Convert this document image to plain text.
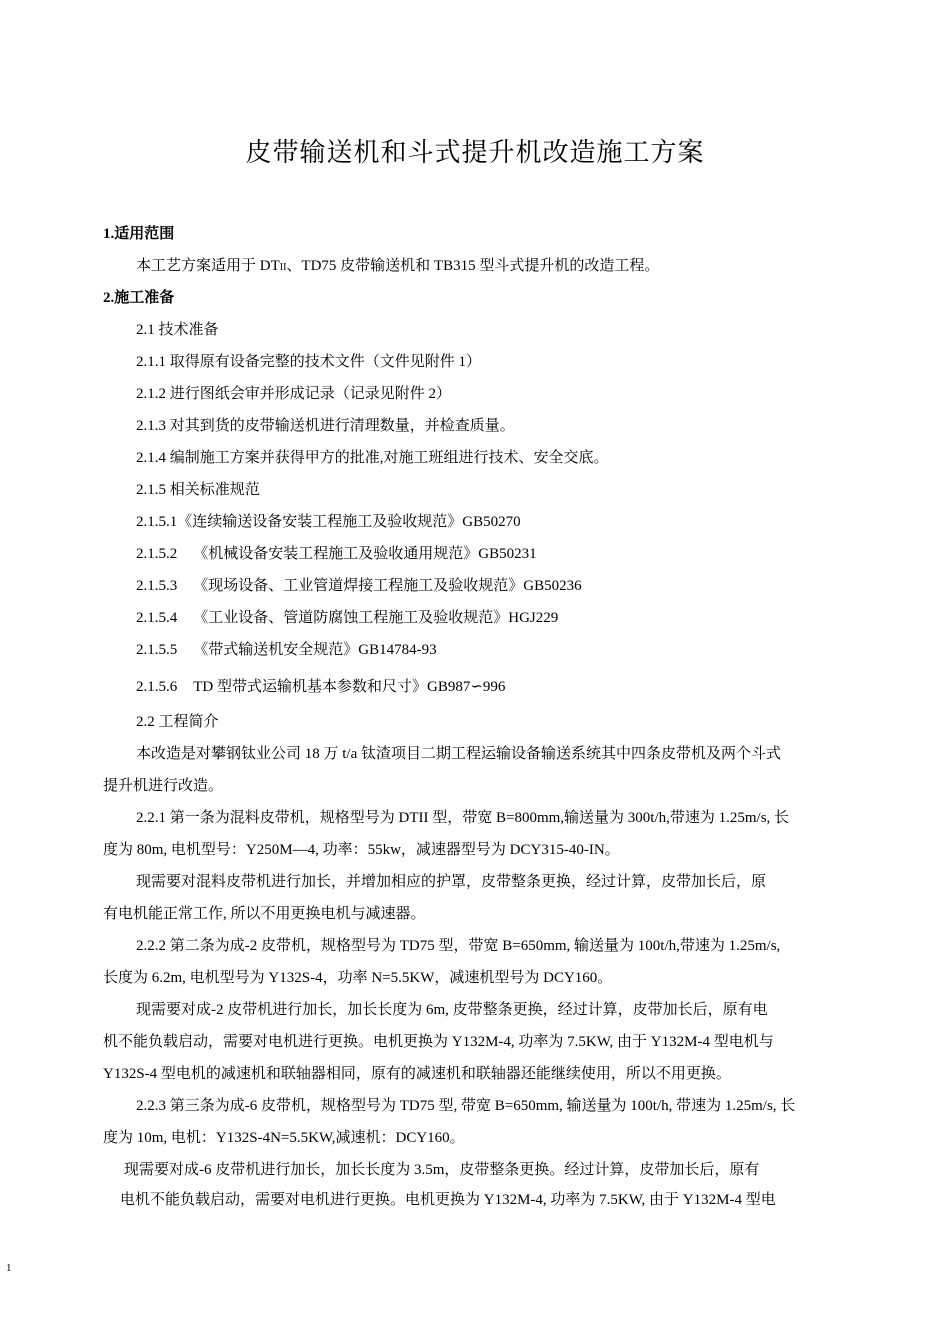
皮带输送机和斗式提升机改造施工方案
1.适用范围
本工艺方案适用于 DTII、TD75 皮带输送机和 TB315 型斗式提升机的改造工程。
2.施工准备
2.1 技术准备
2.1.1 取得原有设备完整的技术文件（文件见附件 1）
2.1.2 进行图纸会审并形成记录（记录见附件 2）
2.1.3 对其到货的皮带输送机进行清理数量，并检查质量。
2.1.4 编制施工方案并获得甲方的批准,对施工班组进行技术、安全交底。
2.1.5 相关标准规范
2.1.5.1《连续输送设备安装工程施工及验收规范》GB50270
2.1.5.2 《机械设备安装工程施工及验收通用规范》GB50231
2.1.5.3 《现场设备、工业管道焊接工程施工及验收规范》GB50236
2.1.5.4 《工业设备、管道防腐蚀工程施工及验收规范》HGJ229
2.1.5.5 《带式输送机安全规范》GB14784-93
2.1.5.6 TD 型带式运输机基本参数和尺寸》GB987∽996
2.2 工程简介
本改造是对攀钢钛业公司 18 万 t/a 钛渣项目二期工程运输设备输送系统其中四条皮带机及两个斗式
提升机进行改造。
2.2.1 第一条为混料皮带机，规格型号为 DTII 型，带宽 B=800mm,输送量为 300t/h,带速为 1.25m/s, 长
度为 80m, 电机型号：Y250M—4, 功率：55kw，减速器型号为 DCY315-40-IN。
现需要对混料皮带机进行加长，并增加相应的护罩，皮带整条更换，经过计算，皮带加长后，原
有电机能正常工作, 所以不用更换电机与减速器。
2.2.2 第二条为成-2 皮带机，规格型号为 TD75 型，带宽 B=650mm, 输送量为 100t/h,带速为 1.25m/s,
长度为 6.2m, 电机型号为 Y132S-4，功率 N=5.5KW，减速机型号为 DCY160。
现需要对成-2 皮带机进行加长，加长长度为 6m, 皮带整条更换，经过计算，皮带加长后，原有电
机不能负载启动，需要对电机进行更换。电机更换为 Y132M-4, 功率为 7.5KW, 由于 Y132M-4 型电机与
Y132S-4 型电机的减速机和联轴器相同，原有的减速机和联轴器还能继续使用，所以不用更换。
2.2.3 第三条为成-6 皮带机，规格型号为 TD75 型, 带宽 B=650mm, 输送量为 100t/h, 带速为 1.25m/s, 长
度为 10m, 电机：Y132S-4N=5.5KW,减速机：DCY160。
现需要对成-6 皮带机进行加长，加长长度为 3.5m，皮带整条更换。经过计算，皮带加长后，原有
电机不能负载启动，需要对电机进行更换。电机更换为 Y132M-4, 功率为 7.5KW, 由于 Y132M-4 型电
1
